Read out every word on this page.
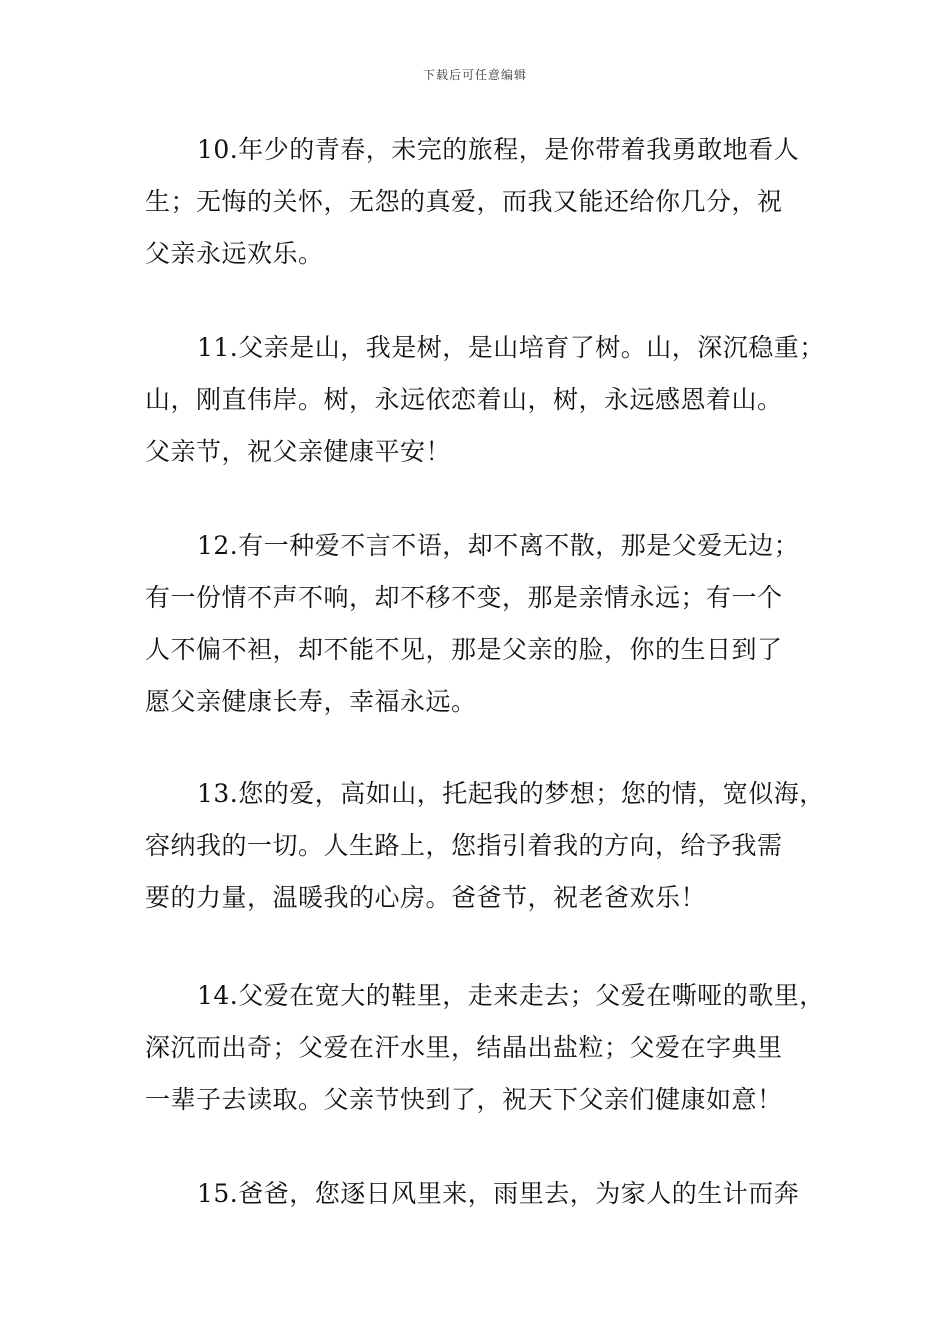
下载后可任意编辑
10.年少的青春，未完的旅程，是你带着我勇敢地看人
生；无悔的关怀，无怨的真爱，而我又能还给你几分，祝
父亲永远欢乐。
11.父亲是山，我是树，是山培育了树。山，深沉稳重；
山，刚直伟岸。树，永远依恋着山，树，永远感恩着山。
父亲节，祝父亲健康平安！
12.有一种爱不言不语，却不离不散，那是父爱无边；
有一份情不声不响，却不移不变，那是亲情永远；有一个
人不偏不袒，却不能不见，那是父亲的脸，你的生日到了
愿父亲健康长寿，幸福永远。
13.您的爱，高如山，托起我的梦想；您的情，宽似海，
容纳我的一切。人生路上，您指引着我的方向，给予我需
要的力量，温暖我的心房。爸爸节，祝老爸欢乐！
14.父爱在宽大的鞋里，走来走去；父爱在嘶哑的歌里，
深沉而出奇；父爱在汗水里，结晶出盐粒；父爱在字典里
一辈子去读取。父亲节快到了，祝天下父亲们健康如意！
15.爸爸，您逐日风里来，雨里去，为家人的生计而奔
